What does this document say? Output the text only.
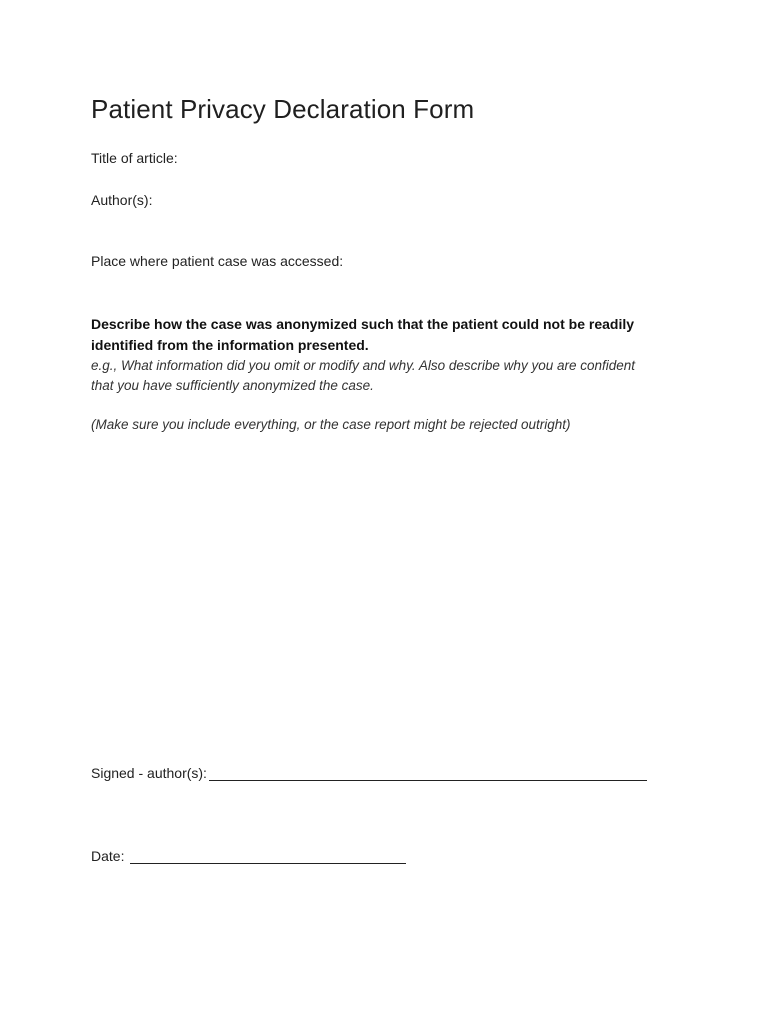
Patient Privacy Declaration Form
Title of article:
Author(s):
Place where patient case was accessed:
Describe how the case was anonymized such that the patient could not be readily identified from the information presented.
e.g., What information did you omit or modify and why. Also describe why you are confident that you have sufficiently anonymized the case.
(Make sure you include everything, or the case report might be rejected outright)
Signed - author(s):
Date:
